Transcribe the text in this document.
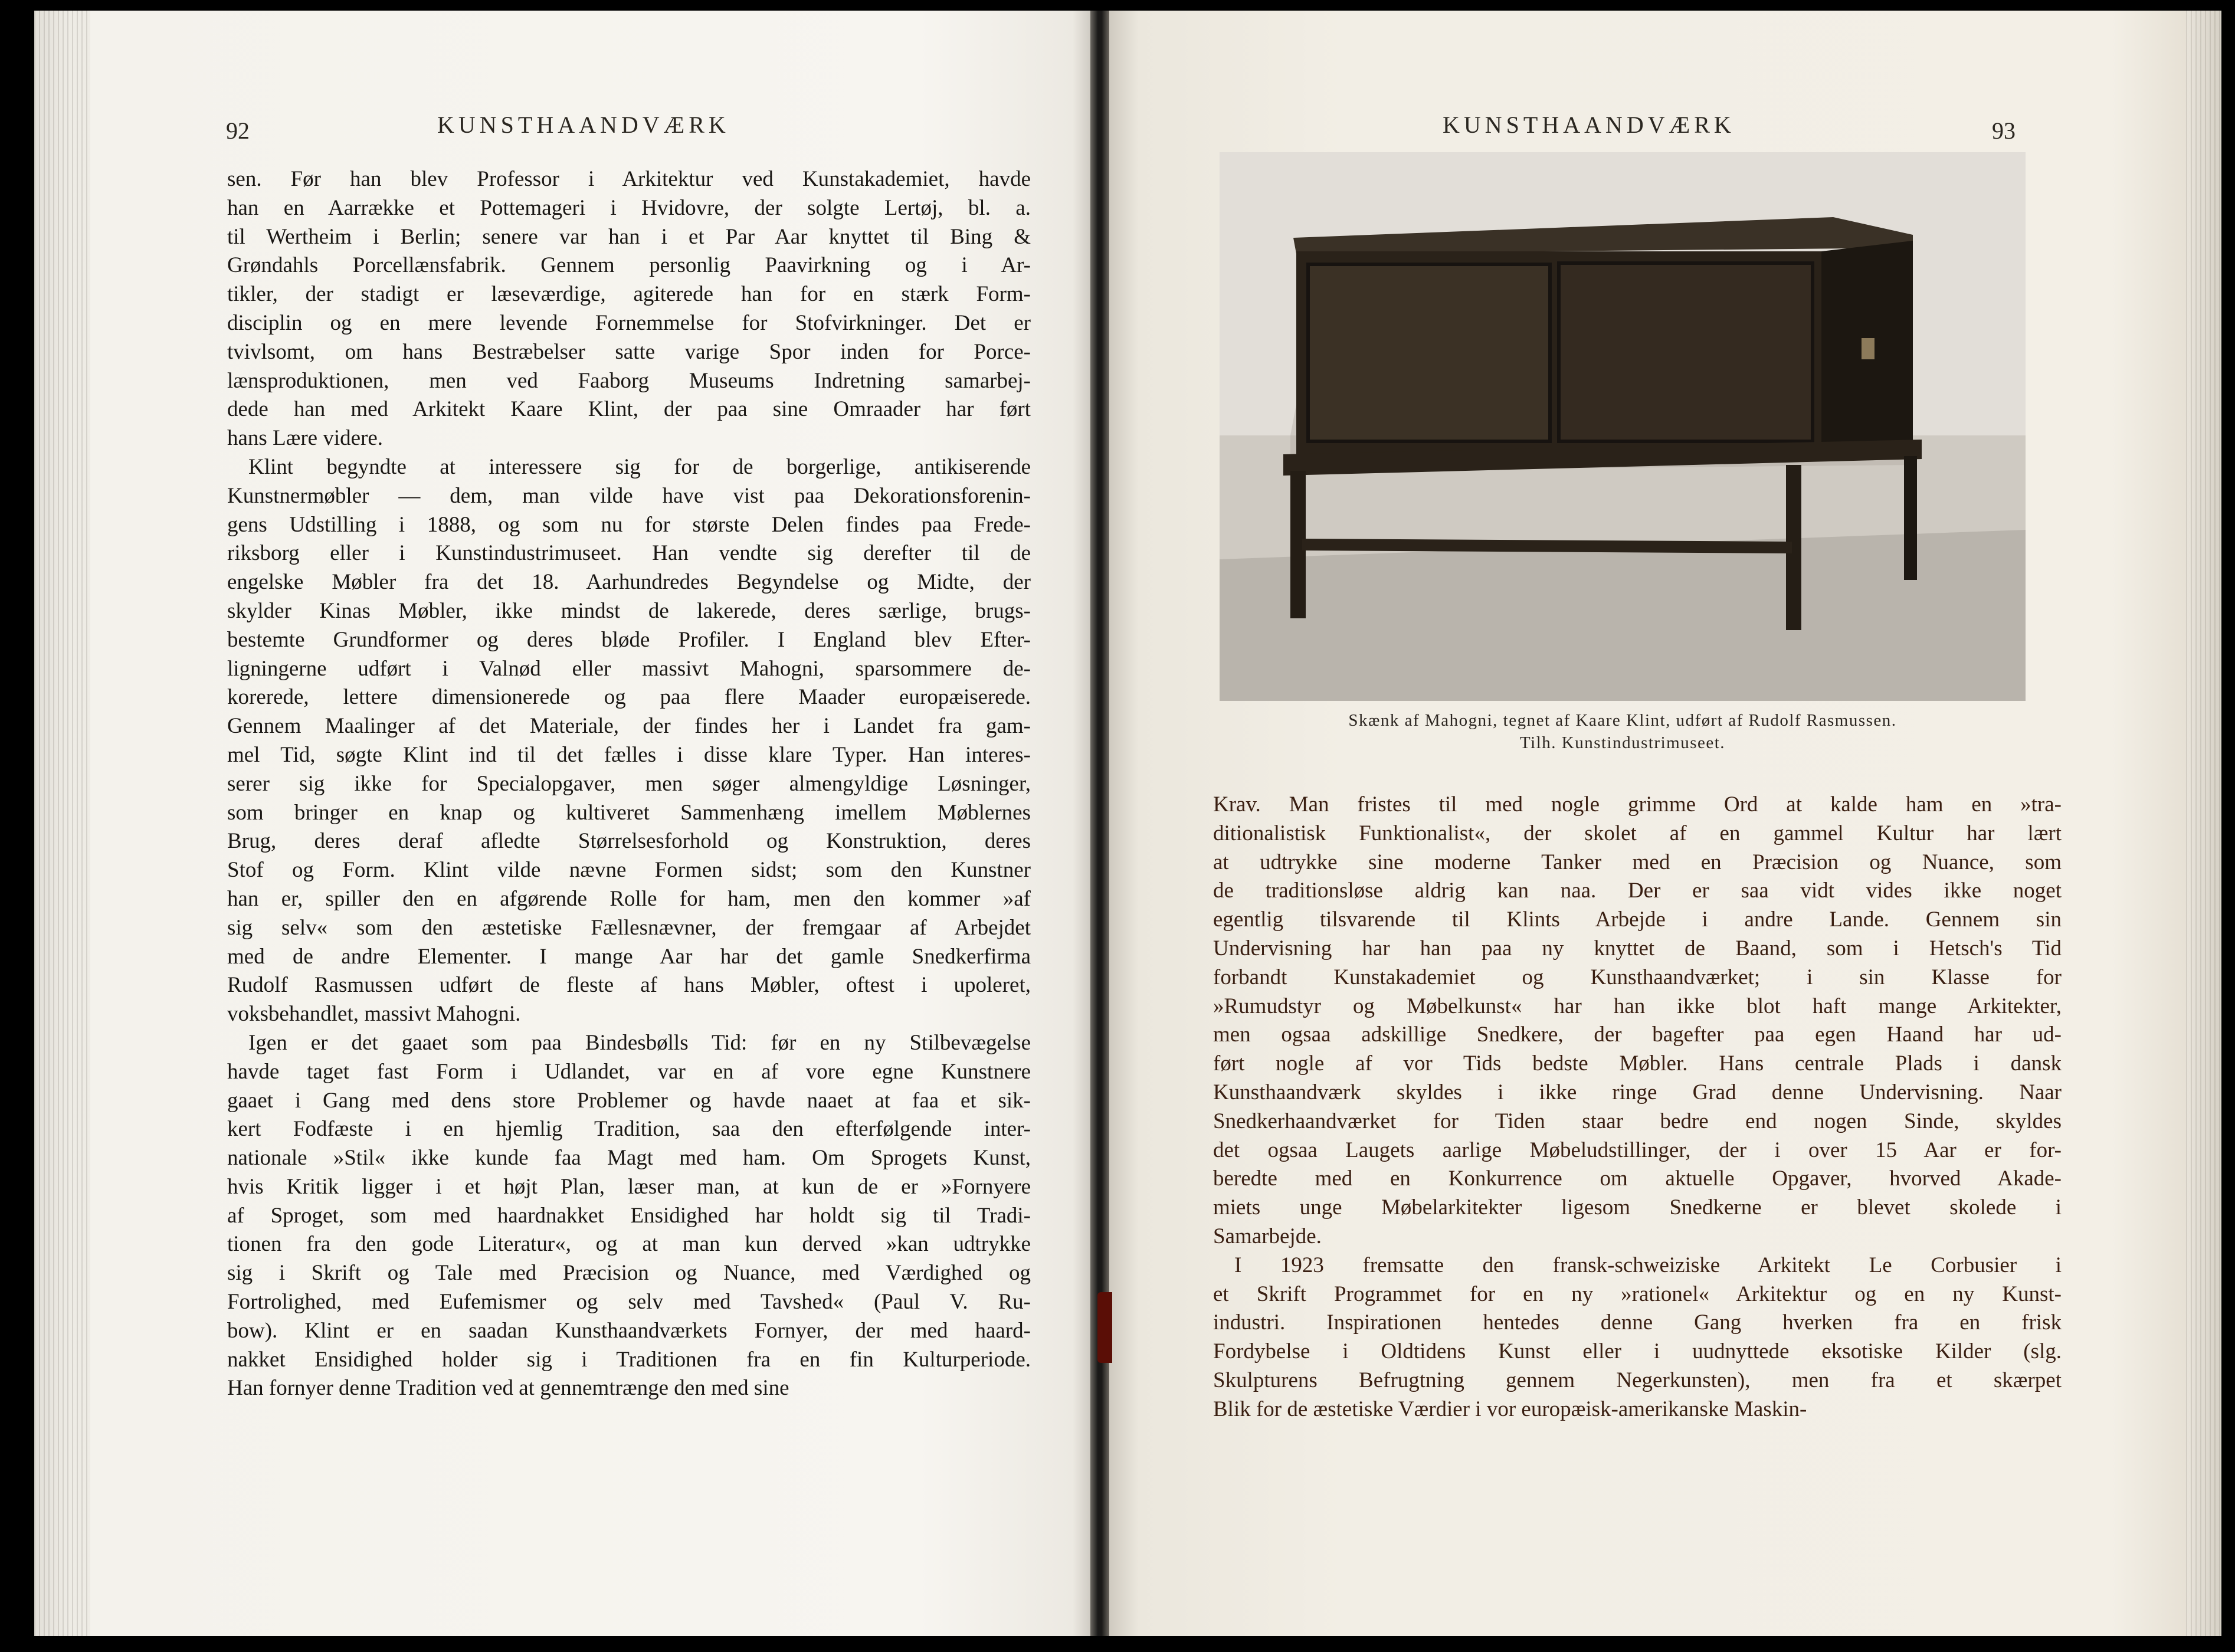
92	KUNSTHAANDVÆRK
sen. Før han blev Professor i Arkitektur ved Kunstakademiet, havde
han en Aarrække et Pottemageri i Hvidovre, der solgte Lertøj, bl. a.
til Wertheim i Berlin; senere var han i et Par Aar knyttet til Bing &
Grøndahls Porcellænsfabrik. Gennem personlig Paavirkning og i Ar-
tikler, der stadigt er læseværdige, agiterede han for en stærk Form-
disciplin og en mere levende Fornemmelse for Stofvirkninger. Det er
tvivlsomt, om hans Bestræbelser satte varige Spor inden for Porce-
lænsproduktionen, men ved Faaborg Museums Indretning samarbej-
dede han med Arkitekt Kaare Klint, der paa sine Omraader har ført
hans Lære videre.
Klint begyndte at interessere sig for de borgerlige, antikiserende
Kunstnermøbler — dem, man vilde have vist paa Dekorationsforenin-
gens Udstilling i 1888, og som nu for største Delen findes paa Frede-
riksborg eller i Kunstindustrimuseet. Han vendte sig derefter til de
engelske Møbler fra det 18. Aarhundredes Begyndelse og Midte, der
skylder Kinas Møbler, ikke mindst de lakerede, deres særlige, brugs-
bestemte Grundformer og deres bløde Profiler. I England blev Efter-
ligningerne udført i Valnød eller massivt Mahogni, sparsommere de-
korerede, lettere dimensionerede og paa flere Maader europæiserede.
Gennem Maalinger af det Materiale, der findes her i Landet fra gam-
mel Tid, søgte Klint ind til det fælles i disse klare Typer. Han interes-
serer sig ikke for Specialopgaver, men søger almengyldige Løsninger,
som bringer en knap og kultiveret Sammenhæng imellem Møblernes
Brug, deres deraf afledte Størrelsesforhold og Konstruktion, deres
Stof og Form. Klint vilde nævne Formen sidst; som den Kunstner
han er, spiller den en afgørende Rolle for ham, men den kommer »af
sig selv« som den æstetiske Fællesnævner, der fremgaar af Arbejdet
med de andre Elementer. I mange Aar har det gamle Snedkerfirma
Rudolf Rasmussen udført de fleste af hans Møbler, oftest i upoleret,
voksbehandlet, massivt Mahogni.
Igen er det gaaet som paa Bindesbølls Tid: før en ny Stilbevægelse
havde taget fast Form i Udlandet, var en af vore egne Kunstnere
gaaet i Gang med dens store Problemer og havde naaet at faa et sik-
kert Fodfæste i en hjemlig Tradition, saa den efterfølgende inter-
nationale »Stil« ikke kunde faa Magt med ham. Om Sprogets Kunst,
hvis Kritik ligger i et højt Plan, læser man, at kun de er »Fornyere
af Sproget, som med haardnakket Ensidighed har holdt sig til Tradi-
tionen fra den gode Literatur«, og at man kun derved »kan udtrykke
sig i Skrift og Tale med Præcision og Nuance, med Værdighed og
Fortrolighed, med Eufemismer og selv med Tavshed« (Paul V. Ru-
bow). Klint er en saadan Kunsthaandværkets Fornyer, der med haard-
nakket Ensidighed holder sig i Traditionen fra en fin Kulturperiode.
Han fornyer denne Tradition ved at gennemtrænge den med sine
KUNSTHAANDVÆRK	93
Skænk af Mahogni, tegnet af Kaare Klint, udført af Rudolf Rasmussen.
Tilh. Kunstindustrimuseet.
Krav. Man fristes til med nogle grimme Ord at kalde ham en »tra-
ditionalistisk Funktionalist«, der skolet af en gammel Kultur har lært
at udtrykke sine moderne Tanker med en Præcision og Nuance, som
de traditionsløse aldrig kan naa. Der er saa vidt vides ikke noget
egentlig tilsvarende til Klints Arbejde i andre Lande. Gennem sin
Undervisning har han paa ny knyttet de Baand, som i Hetsch's Tid
forbandt Kunstakademiet og Kunsthaandværket; i sin Klasse for
»Rumudstyr og Møbelkunst« har han ikke blot haft mange Arkitekter,
men ogsaa adskillige Snedkere, der bagefter paa egen Haand har ud-
ført nogle af vor Tids bedste Møbler. Hans centrale Plads i dansk
Kunsthaandværk skyldes i ikke ringe Grad denne Undervisning. Naar
Snedkerhaandværket for Tiden staar bedre end nogen Sinde, skyldes
det ogsaa Laugets aarlige Møbeludstillinger, der i over 15 Aar er for-
beredte med en Konkurrence om aktuelle Opgaver, hvorved Akade-
miets unge Møbelarkitekter ligesom Snedkerne er blevet skolede i
Samarbejde.
I 1923 fremsatte den fransk-schweiziske Arkitekt Le Corbusier i
et Skrift Programmet for en ny »rationel« Arkitektur og en ny Kunst-
industri. Inspirationen hentedes denne Gang hverken fra en frisk
Fordybelse i Oldtidens Kunst eller i uudnyttede eksotiske Kilder (slg.
Skulpturens Befrugtning gennem Negerkunsten), men fra et skærpet
Blik for de æstetiske Værdier i vor europæisk-amerikanske Maskin-
